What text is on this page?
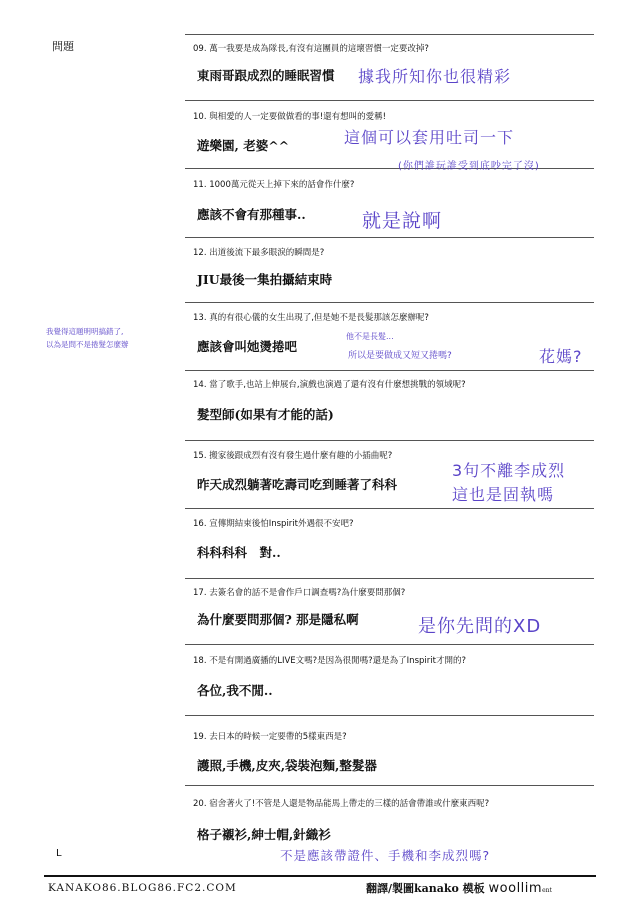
問題	09. 萬一我要是成為隊長,有沒有這團員的這壞習慣一定要改掉?
東雨哥跟成烈的睡眠習慣
10. 與相愛的人一定要做做看的事!還有想叫的愛稱!
遊樂園, 老婆^^
11. 1000萬元從天上掉下來的話會作什麼?
應該不會有那種事..
12. 出道後流下最多眼淚的瞬間是?
JIU最後一集拍攝結束時
13. 真的有很心儀的女生出現了,但是她不是長髮那該怎麼辦呢?
應該會叫她燙捲吧
14. 當了歌手,也站上伸展台,演戲也演過了還有沒有什麼想挑戰的領域呢?
髮型師(如果有才能的話)
15. 搬家後跟成烈有沒有發生過什麼有趣的小插曲呢?
昨天成烈躺著吃壽司吃到睡著了科科
16. 宣傳期結束後怕Inspirit外遇很不安吧?
科科科科　對..
17. 去簽名會的話不是會作戶口調查嗎?為什麼要問那個?
為什麼要問那個? 那是隱私啊
18. 不是有開過廣播的LIVE文嗎?是因為很閒嗎?還是為了Inspirit才開的?
各位,我不閒..
19. 去日本的時候一定要帶的5樣東西是?
護照,手機,皮夾,袋裝泡麵,整髮器
20. 宿舍著火了!不管是人還是物品能馬上帶走的三樣的話會帶誰或什麼東西呢?
格子襯衫,紳士帽,針織衫
據我所知你也很精彩
這個可以套用吐司一下
(你們誰玩誰受到底吵完了沒)
就是說啊
我覺得這題明明搞錯了,
以為是問不是捲髮怎麼辦
他不是長髮...
所以是要做成又短又捲嗎?	花媽?
3句不離李成烈
這也是固執嗎
是你先問的XD
不是應該帶證件、手機和李成烈嗎?
L
KANAKO86.BLOG86.FC2.COM	翻譯/製圖kanako 模板 woolliment
